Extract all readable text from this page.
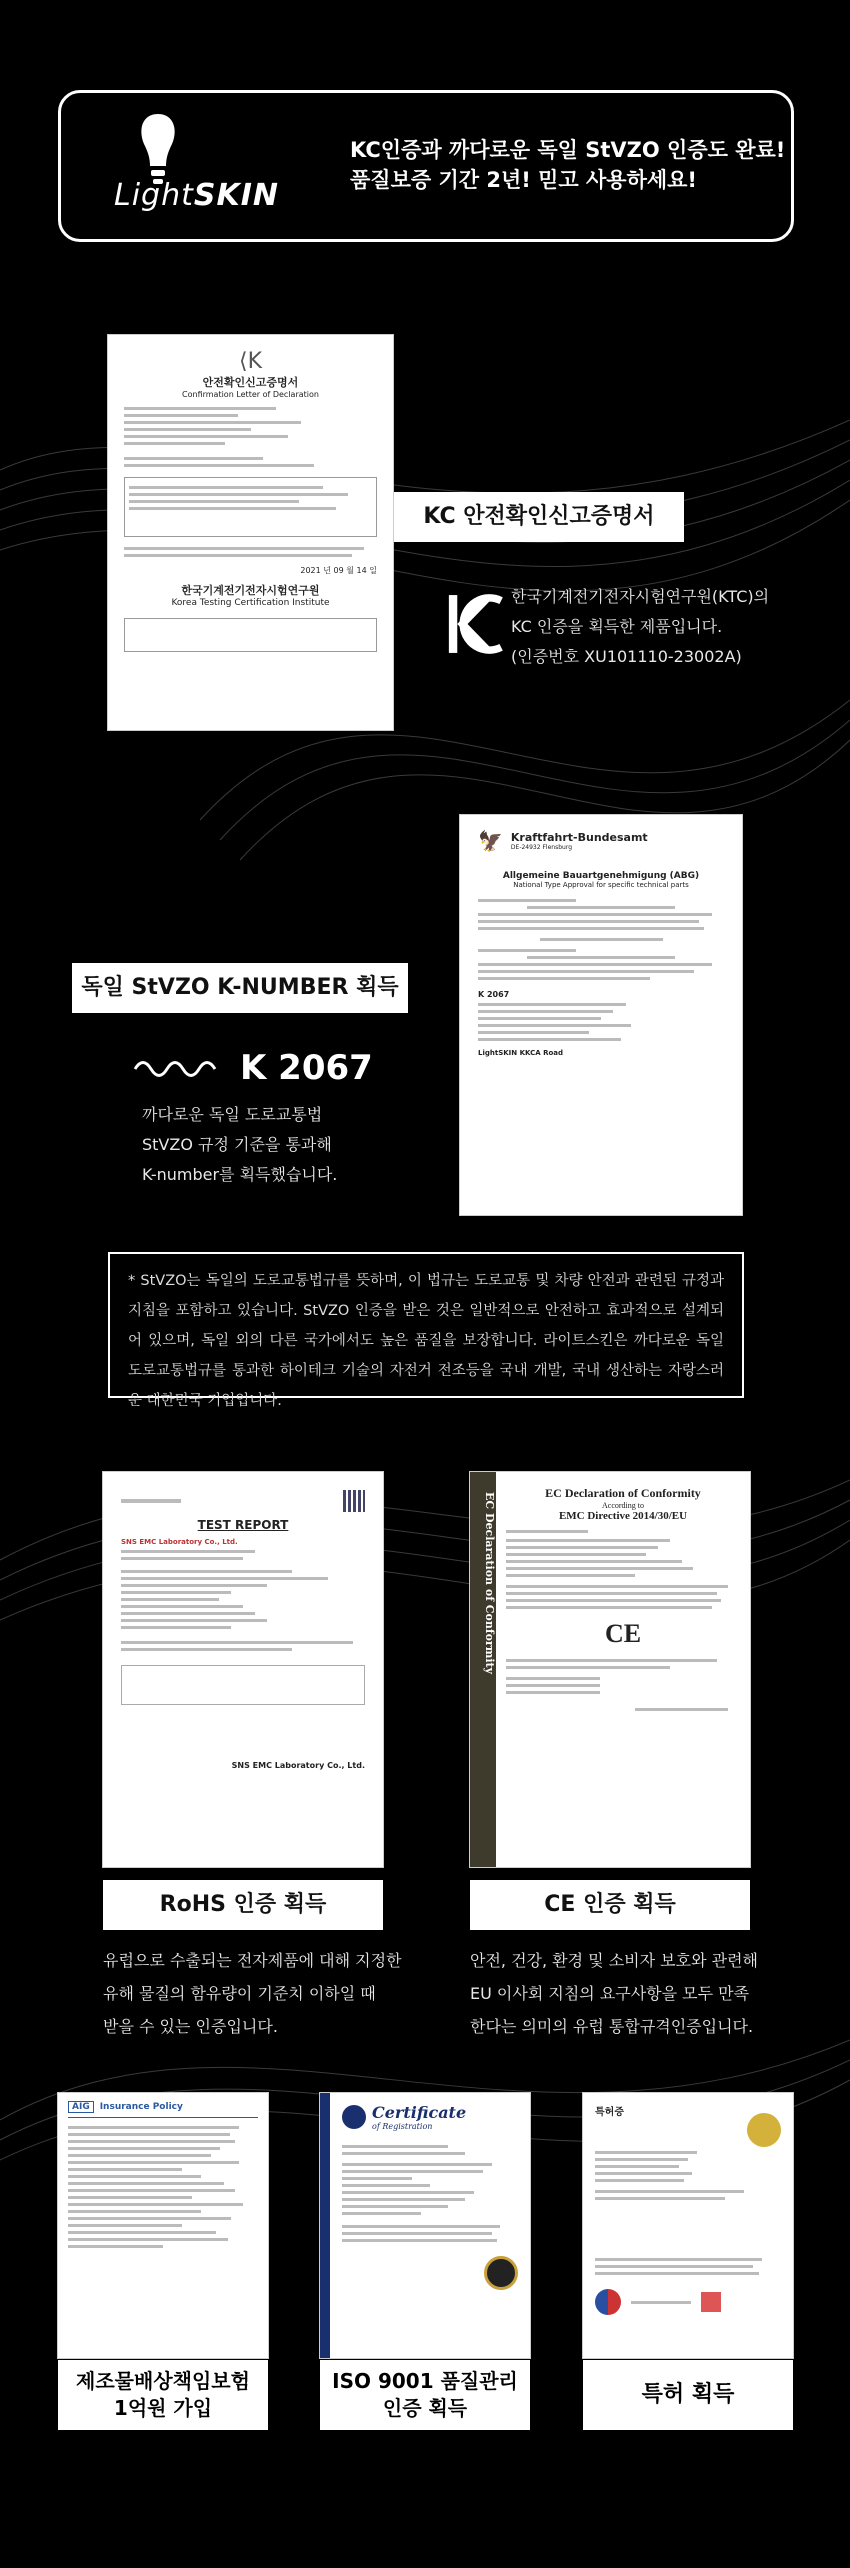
LightSKIN
KC인증과 까다로운 독일 StVZO 인증도 완료!
품질보증 기간 2년! 믿고 사용하세요!
⟨K
안전확인신고증명서
Confirmation Letter of Declaration
2021 년 09 월 14 일
한국기계전기전자시험연구원
Korea Testing Certification Institute
KC 안전확인신고증명서
한국기계전기전자시험연구원(KTC)의
KC 인증을 획득한 제품입니다.
(인증번호 XU101110-23002A)
🦅 Kraftfahrt-Bundesamt
DE-24932 Flensburg
Allgemeine Bauartgenehmigung (ABG)
National Type Approval for specific technical parts
K 2067
LightSKIN KKCA Road
독일 StVZO K-NUMBER 획득
K 2067
까다로운 독일 도로교통법
StVZO 규정 기준을 통과해
K-number를 획득했습니다.
* StVZO는 독일의 도로교통법규를 뜻하며, 이 법규는 도로교통 및 차량 안전과 관련된 규정과 지침을 포함하고 있습니다. StVZO 인증을 받은 것은 일반적으로 안전하고 효과적으로 설계되어 있으며, 독일 외의 다른 국가에서도 높은 품질을 보장합니다. 라이트스킨은 까다로운 독일 도로교통법규를 통과한 하이테크 기술의 자전거 전조등을 국내 개발, 국내 생산하는 자랑스러운 대한민국 기업입니다.
TEST REPORT
SNS EMC Laboratory Co., Ltd.
SNS EMC Laboratory Co., Ltd.
RoHS 인증 획득
유럽으로 수출되는 전자제품에 대해 지정한
유해 물질의 함유량이 기준치 이하일 때
받을 수 있는 인증입니다.
EC Declaration of Conformity	EC Declaration of Conformity
According to
EMC Directive 2014/30/EU
CE
CE 인증 획득
안전, 건강, 환경 및 소비자 보호와 관련해
EU 이사회 지침의 요구사항을 모두 만족
한다는 의미의 유럽 통합규격인증입니다.
AIG	Insurance Policy
제조물배상책임보험
1억원 가입
Certificate
of Registration
ISO 9001 품질관리
인증 획득
특허증
특허 획득
